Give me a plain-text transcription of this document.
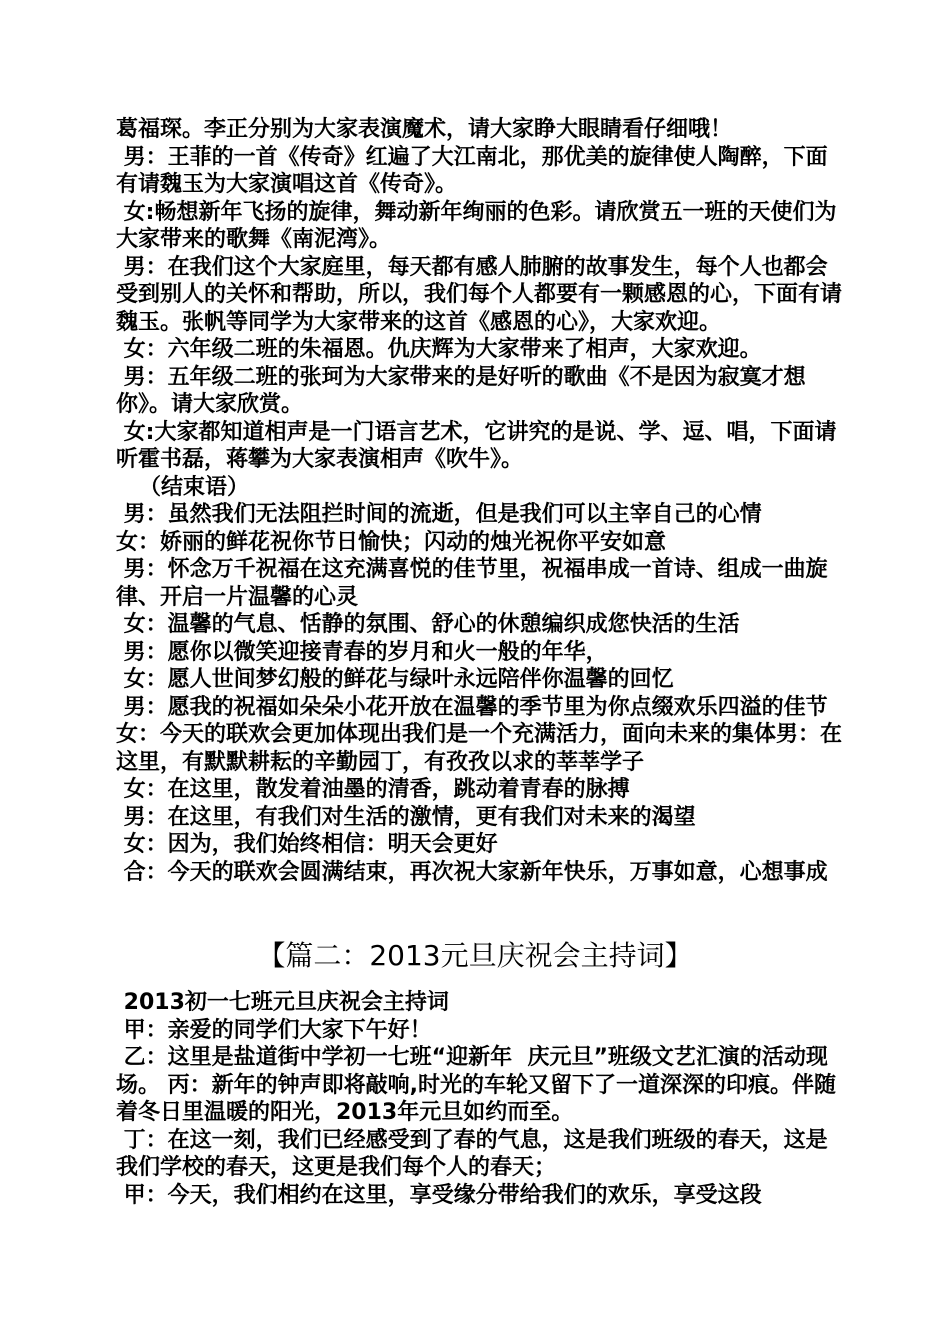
葛福琛。李正分别为大家表演魔术，请大家睁大眼睛看仔细哦！

男：王菲的一首《传奇》红遍了大江南北，那优美的旋律使人陶醉，下面有请魏玉为大家演唱这首《传奇》。

女:畅想新年飞扬的旋律，舞动新年绚丽的色彩。请欣赏五一班的天使们为大家带来的歌舞《南泥湾》。

男：在我们这个大家庭里，每天都有感人肺腑的故事发生，每个人也都会受到别人的关怀和帮助，所以，我们每个人都要有一颗感恩的心，下面有请魏玉。张帆等同学为大家带来的这首《感恩的心》，大家欢迎。

女：六年级二班的朱福恩。仇庆辉为大家带来了相声，大家欢迎。

男：五年级二班的张珂为大家带来的是好听的歌曲《不是因为寂寞才想你》。请大家欣赏。

女:大家都知道相声是一门语言艺术，它讲究的是说、学、逗、唱，下面请听霍书磊，蒋攀为大家表演相声《吹牛》。

（结束语）

男：虽然我们无法阻拦时间的流逝，但是我们可以主宰自己的心情

女：娇丽的鲜花祝你节日愉快；闪动的烛光祝你平安如意

男：怀念万千祝福在这充满喜悦的佳节里，祝福串成一首诗、组成一曲旋律、开启一片温馨的心灵

女：温馨的气息、恬静的氛围、舒心的休憩编织成您快活的生活

男：愿你以微笑迎接青春的岁月和火一般的年华，

女：愿人世间梦幻般的鲜花与绿叶永远陪伴你温馨的回忆

男：愿我的祝福如朵朵小花开放在温馨的季节里为你点缀欢乐四溢的佳节女：今天的联欢会更加体现出我们是一个充满活力，面向未来的集体男：在这里，有默默耕耘的辛勤园丁，有孜孜以求的莘莘学子

女：在这里，散发着油墨的清香，跳动着青春的脉搏

男：在这里，有我们对生活的激情，更有我们对未来的渴望

女：因为，我们始终相信：明天会更好

合：今天的联欢会圆满结束，再次祝大家新年快乐，万事如意，心想事成

【篇二：2013元旦庆祝会主持词】

2013初一七班元旦庆祝会主持词

甲：亲爱的同学们大家下午好！

乙：这里是盐道街中学初一七班“迎新年  庆元旦”班级文艺汇演的活动现场。 丙：新年的钟声即将敲响,时光的车轮又留下了一道深深的印痕。伴随着冬日里温暖的阳光，2013年元旦如约而至。

丁：在这一刻，我们已经感受到了春的气息，这是我们班级的春天，这是我们学校的春天，这更是我们每个人的春天；

甲：今天，我们相约在这里，享受缘分带给我们的欢乐，享受这段
